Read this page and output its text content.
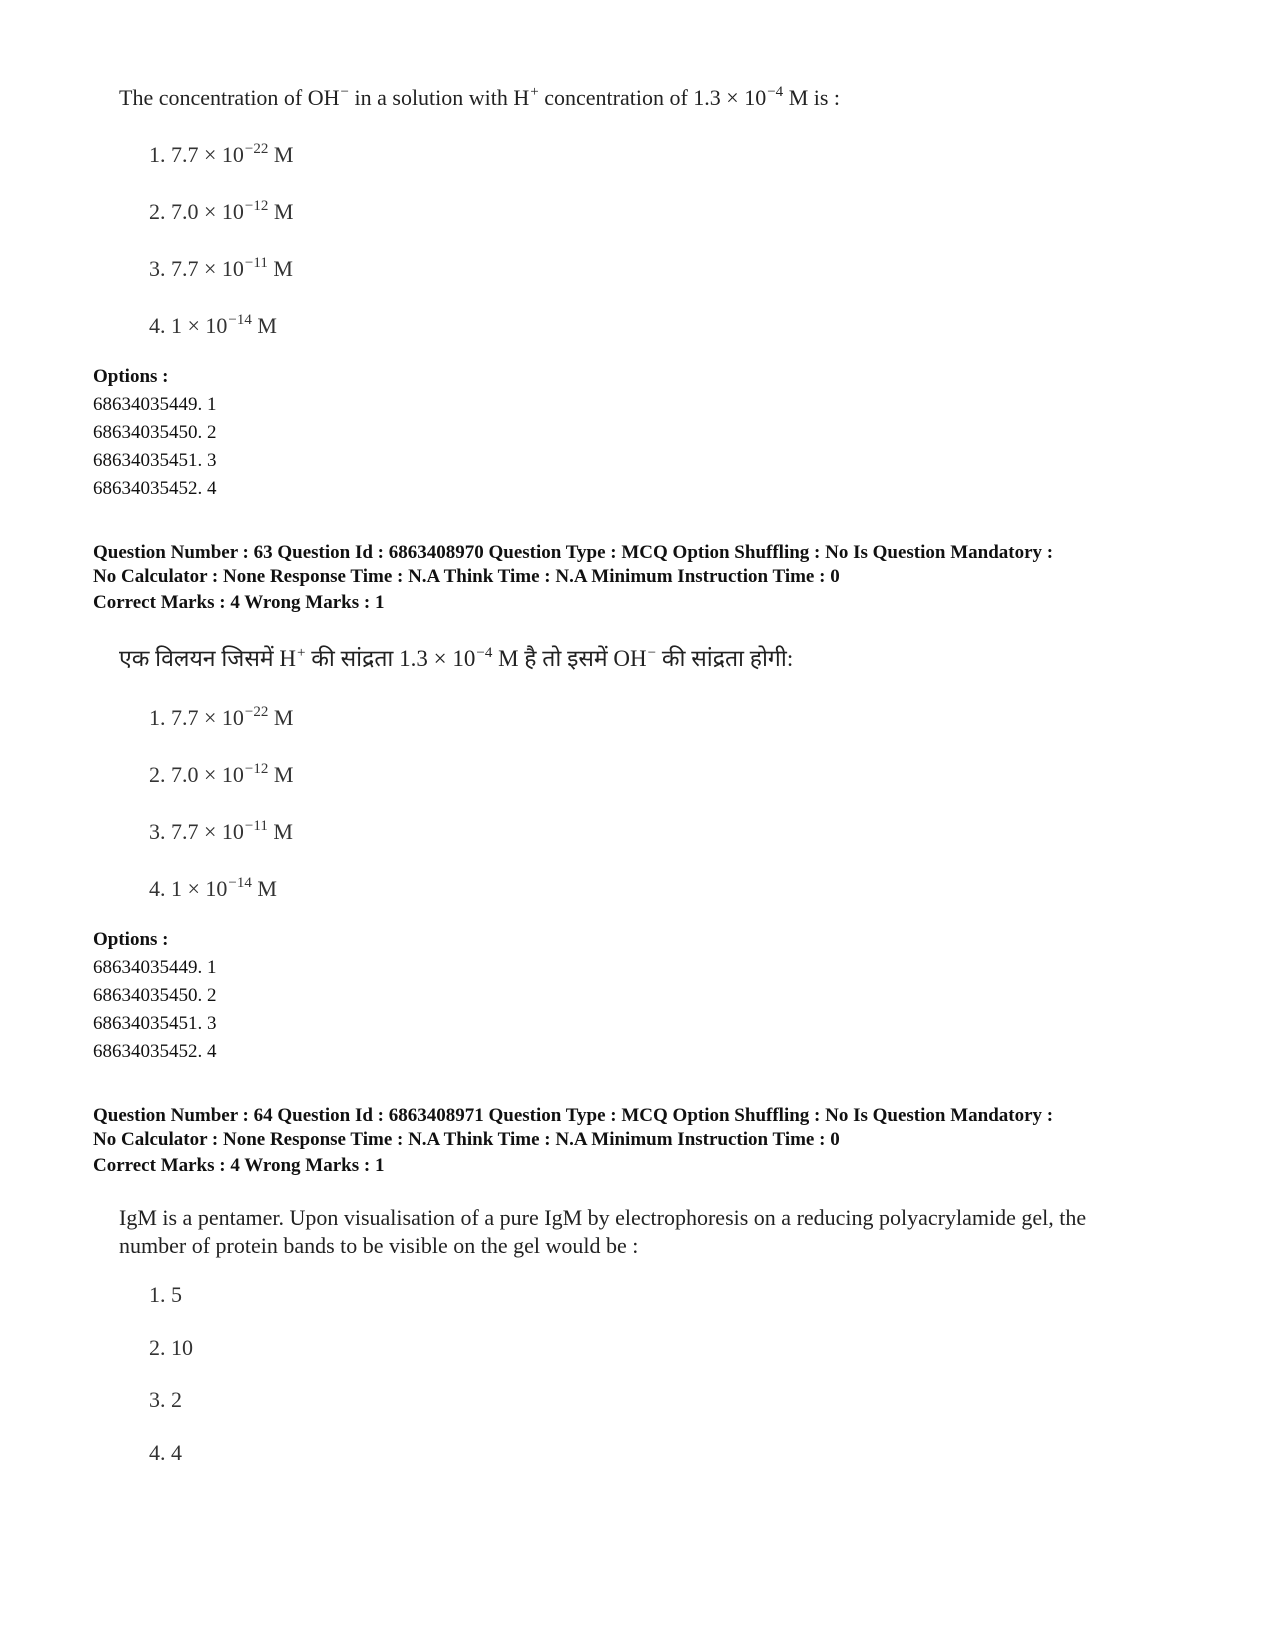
The concentration of OH− in a solution with H+ concentration of $1.3 \times 10^{-4}$ M is :
1. $7.7 \times 10^{-22}$ M
2. $7.0 \times 10^{-12}$ M
3. $7.7 \times 10^{-11}$ M
4. $1 \times 10^{-14}$ M
Options :
68634035449. 1
68634035450. 2
68634035451. 3
68634035452. 4
Question Number : 63 Question Id : 6863408970 Question Type : MCQ Option Shuffling : No Is Question Mandatory :
No Calculator : None Response Time : N.A Think Time : N.A Minimum Instruction Time : 0
Correct Marks : 4 Wrong Marks : 1
एक विलयन जिसमें H+ की सांद्रता $1.3 \times 10^{-4}$ M है तो इसमें OH− की सांद्रता होगी:
1. $7.7 \times 10^{-22}$ M
2. $7.0 \times 10^{-12}$ M
3. $7.7 \times 10^{-11}$ M
4. $1 \times 10^{-14}$ M
Options :
68634035449. 1
68634035450. 2
68634035451. 3
68634035452. 4
Question Number : 64 Question Id : 6863408971 Question Type : MCQ Option Shuffling : No Is Question Mandatory :
No Calculator : None Response Time : N.A Think Time : N.A Minimum Instruction Time : 0
Correct Marks : 4 Wrong Marks : 1
IgM is a pentamer. Upon visualisation of a pure IgM by electrophoresis on a reducing polyacrylamide gel, the
number of protein bands to be visible on the gel would be :
1. 5
2. 10
3. 2
4. 4
